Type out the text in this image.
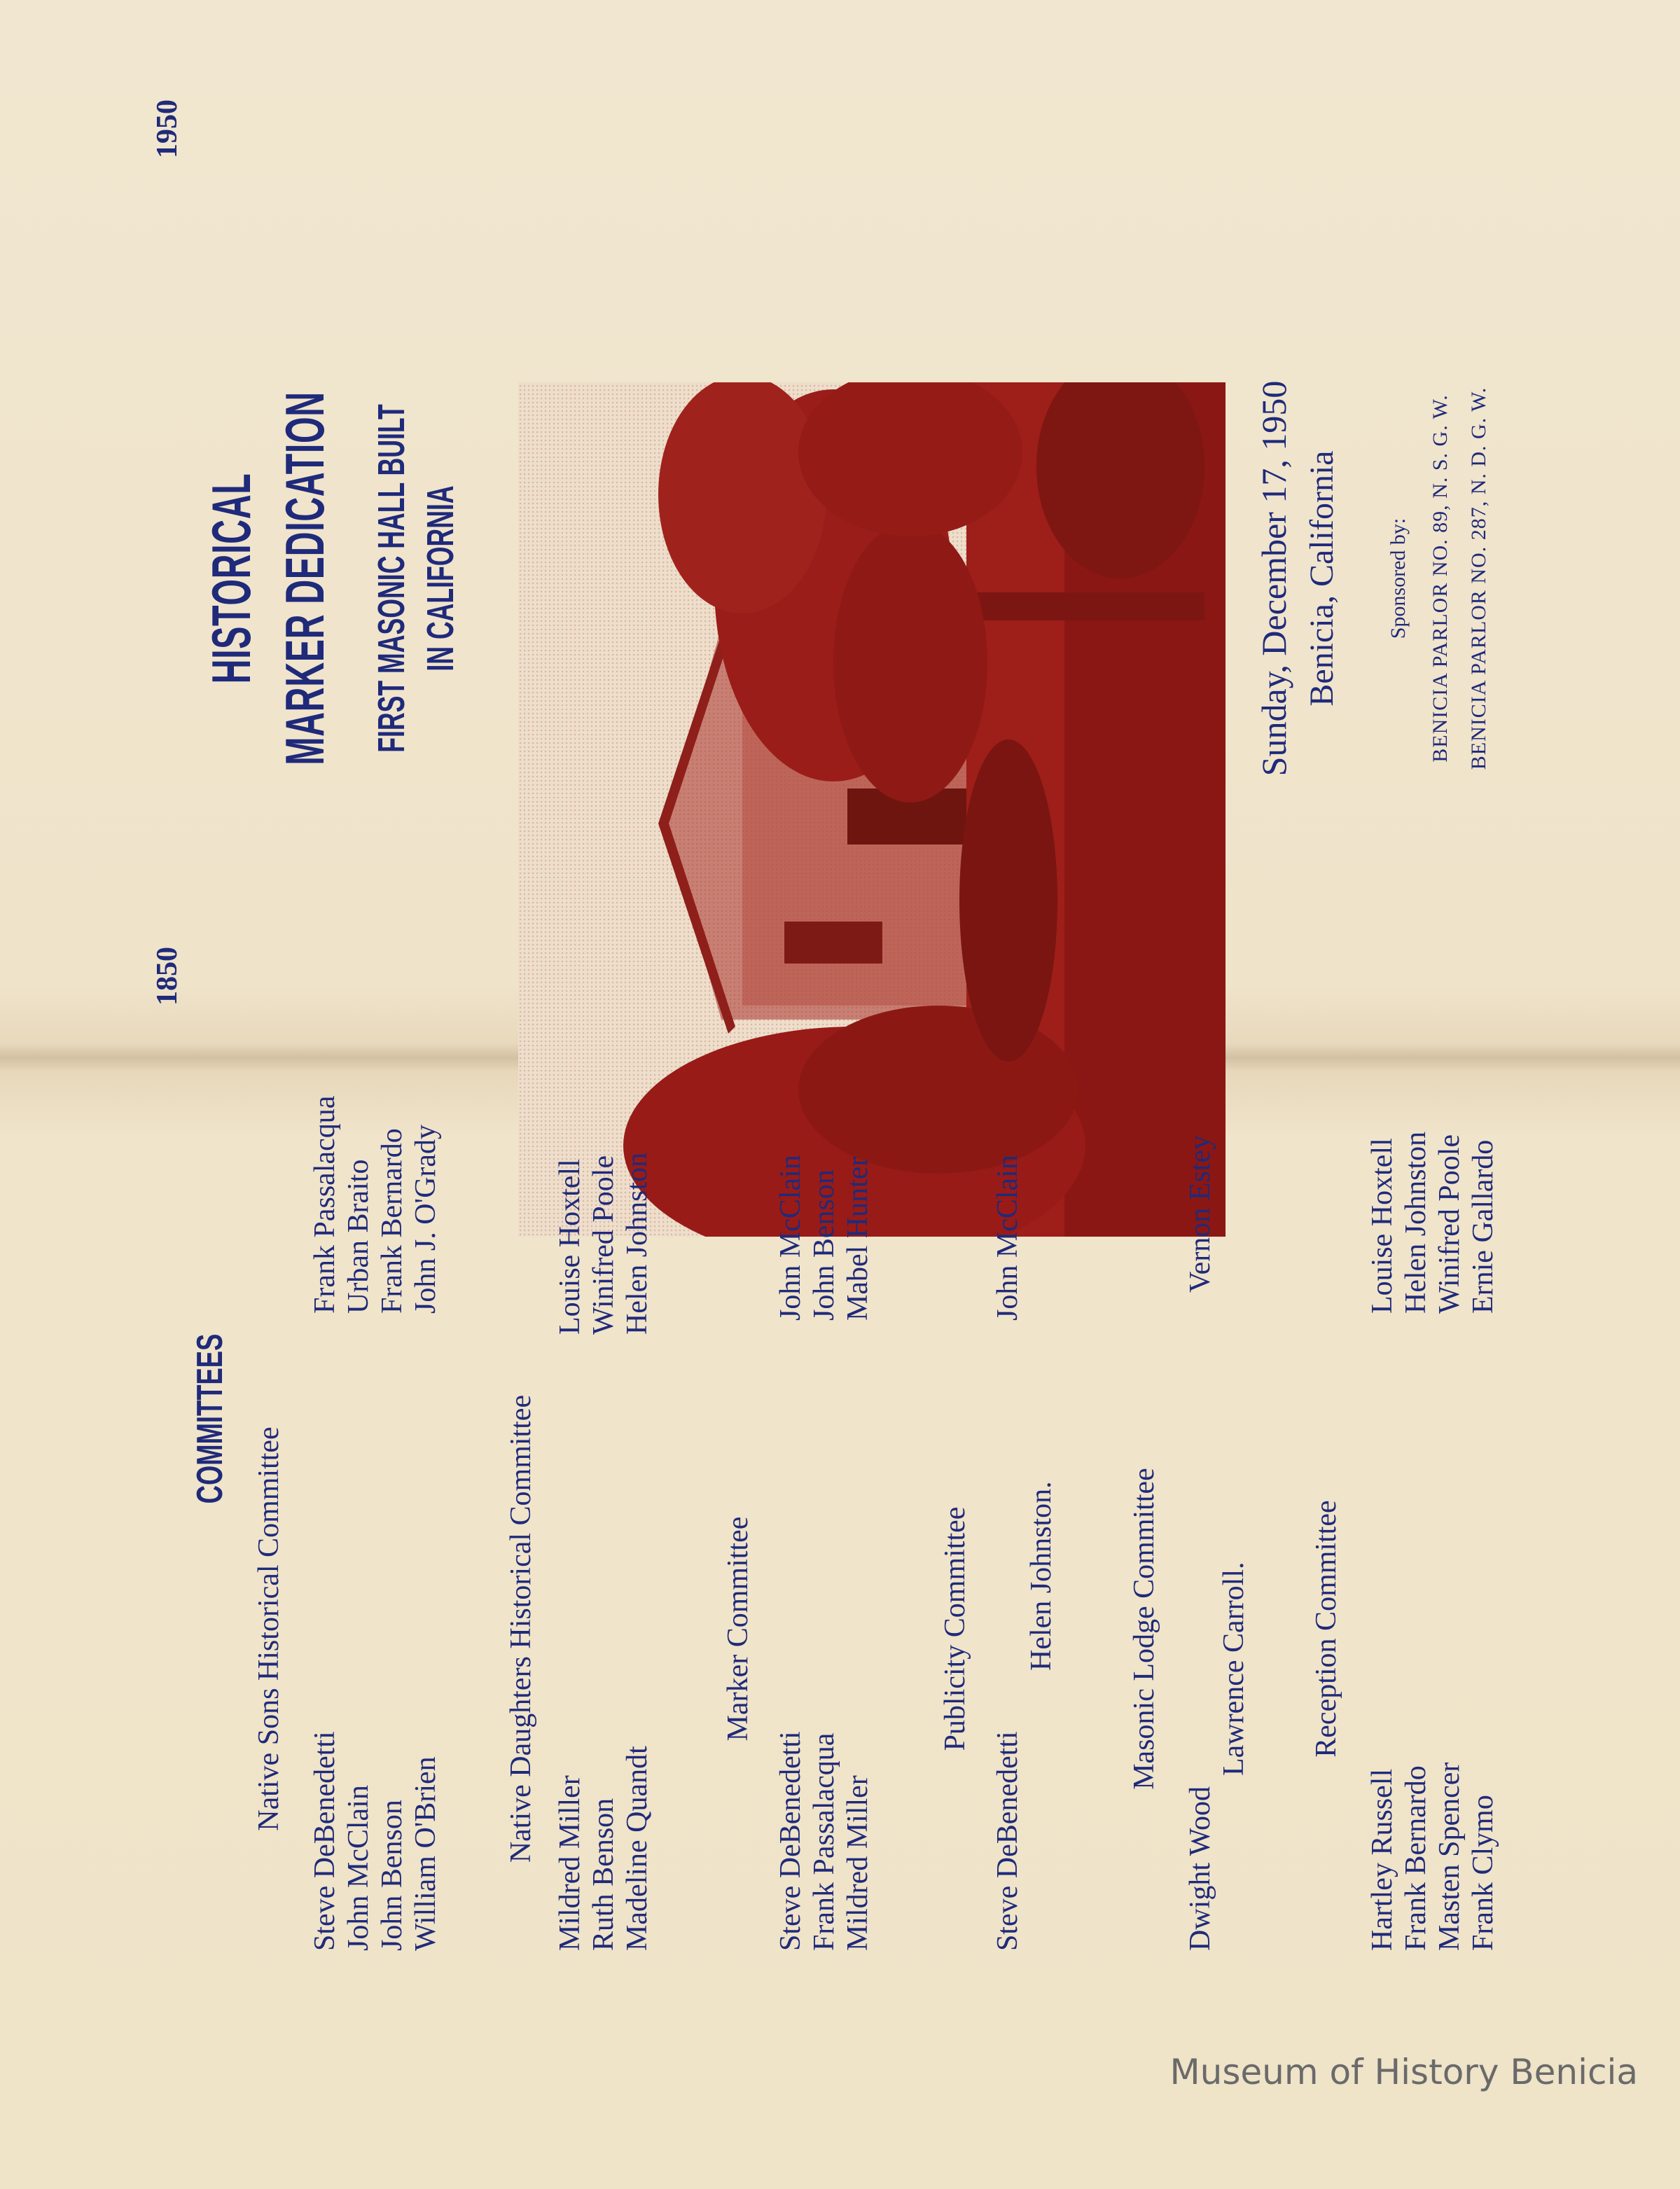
1850
1950
HISTORICAL MARKER DEDICATION FIRST MASONIC HALL BUILT IN CALIFORNIA	Sunday, December 17, 1950 Benicia, California Sponsored by: BENICIA PARLOR NO. 89, N. S. G. W. BENICIA PARLOR NO. 287, N. D. G. W.
COMMITTEES
Native Sons Historical Committee
Steve DeBenedetti John McClain John Benson William O'Brien
Frank Passalacqua Urban Braito Frank Bernardo John J. O'Grady
Native Daughters Historical Committee
Mildred Miller Ruth Benson Madeline Quandt
Louise Hoxtell Winifred Poole Helen Johnston
Marker Committee
Steve DeBenedetti Frank Passalacqua Mildred Miller
John McClain John Benson Mabel Hunter
Publicity Committee
Steve DeBenedetti
John McClain
Helen Johnston. Masonic Lodge Committee
Dwight Wood
Vernon Estey
Lawrence Carroll. Reception Committee
Hartley Russell Frank Bernardo Masten Spencer Frank Clymo
Louise Hoxtell Helen Johnston Winifred Poole Ernie Gallardo
Museum of History Benicia
